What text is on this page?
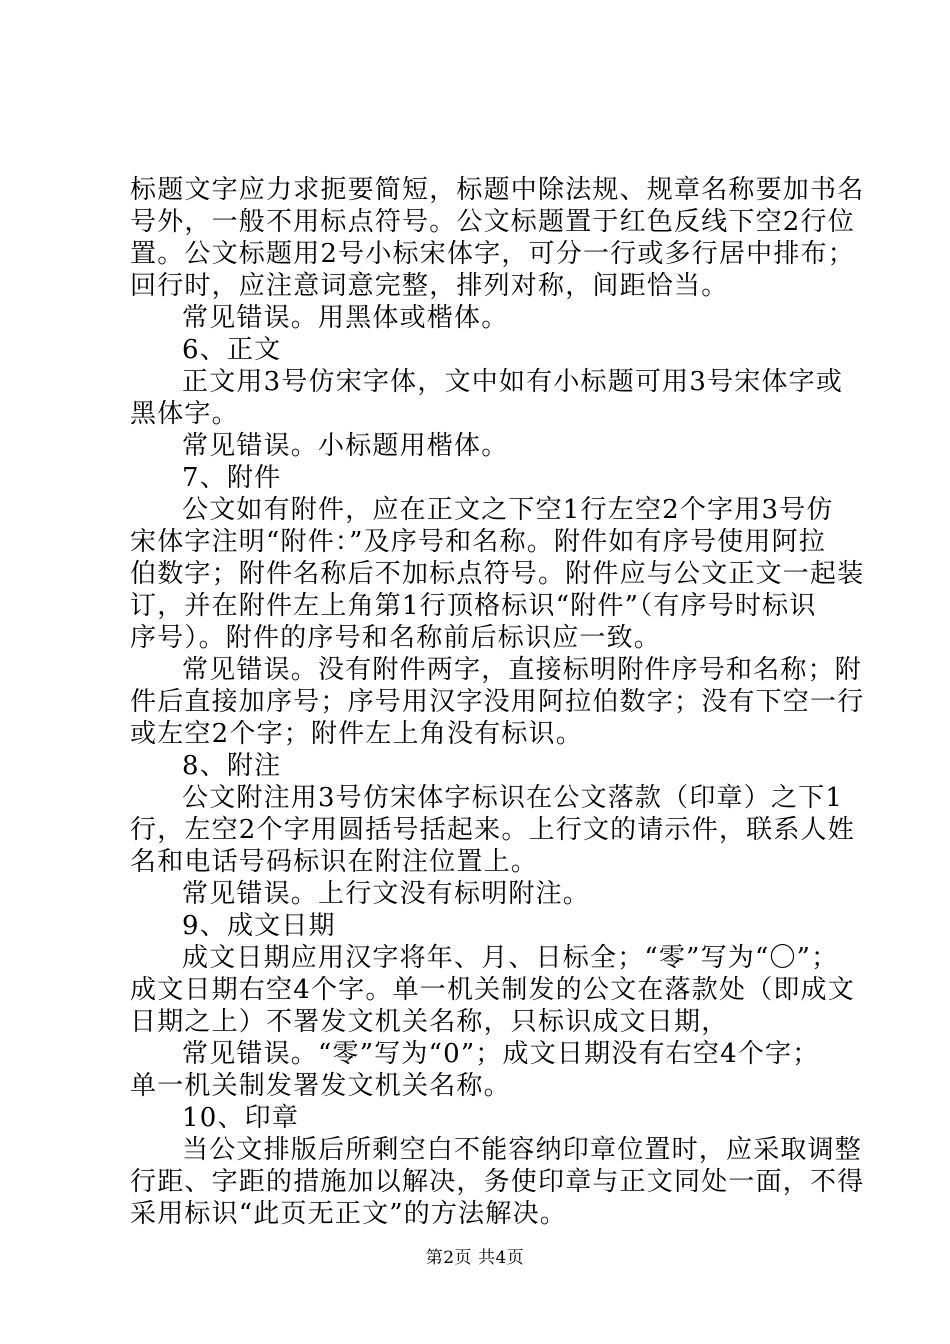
标题文字应力求扼要简短，标题中除法规、规章名称要加书名
号外，一般不用标点符号。公文标题置于红色反线下空2行位
置。公文标题用2号小标宋体字，可分一行或多行居中排布；
回行时，应注意词意完整，排列对称，间距恰当。
常见错误。用黑体或楷体。
6、正文
正文用3号仿宋字体，文中如有小标题可用3号宋体字或
黑体字。
常见错误。小标题用楷体。
7、附件
公文如有附件，应在正文之下空1行左空2个字用3号仿
宋体字注明“附件：”及序号和名称。附件如有序号使用阿拉
伯数字；附件名称后不加标点符号。附件应与公文正文一起装
订，并在附件左上角第1行顶格标识“附件”（有序号时标识
序号）。附件的序号和名称前后标识应一致。
常见错误。没有附件两字，直接标明附件序号和名称；附
件后直接加序号；序号用汉字没用阿拉伯数字；没有下空一行
或左空2个字；附件左上角没有标识。
8、附注
公文附注用3号仿宋体字标识在公文落款（印章）之下1
行，左空2个字用圆括号括起来。上行文的请示件，联系人姓
名和电话号码标识在附注位置上。
常见错误。上行文没有标明附注。
9、成文日期
成文日期应用汉字将年、月、日标全；“零”写为“〇”；
成文日期右空4个字。单一机关制发的公文在落款处（即成文
日期之上）不署发文机关名称，只标识成文日期，
常见错误。“零”写为“0”；成文日期没有右空4个字；
单一机关制发署发文机关名称。
10、印章
当公文排版后所剩空白不能容纳印章位置时，应采取调整
行距、字距的措施加以解决，务使印章与正文同处一面，不得
采用标识“此页无正文”的方法解决。
第2页 共4页
